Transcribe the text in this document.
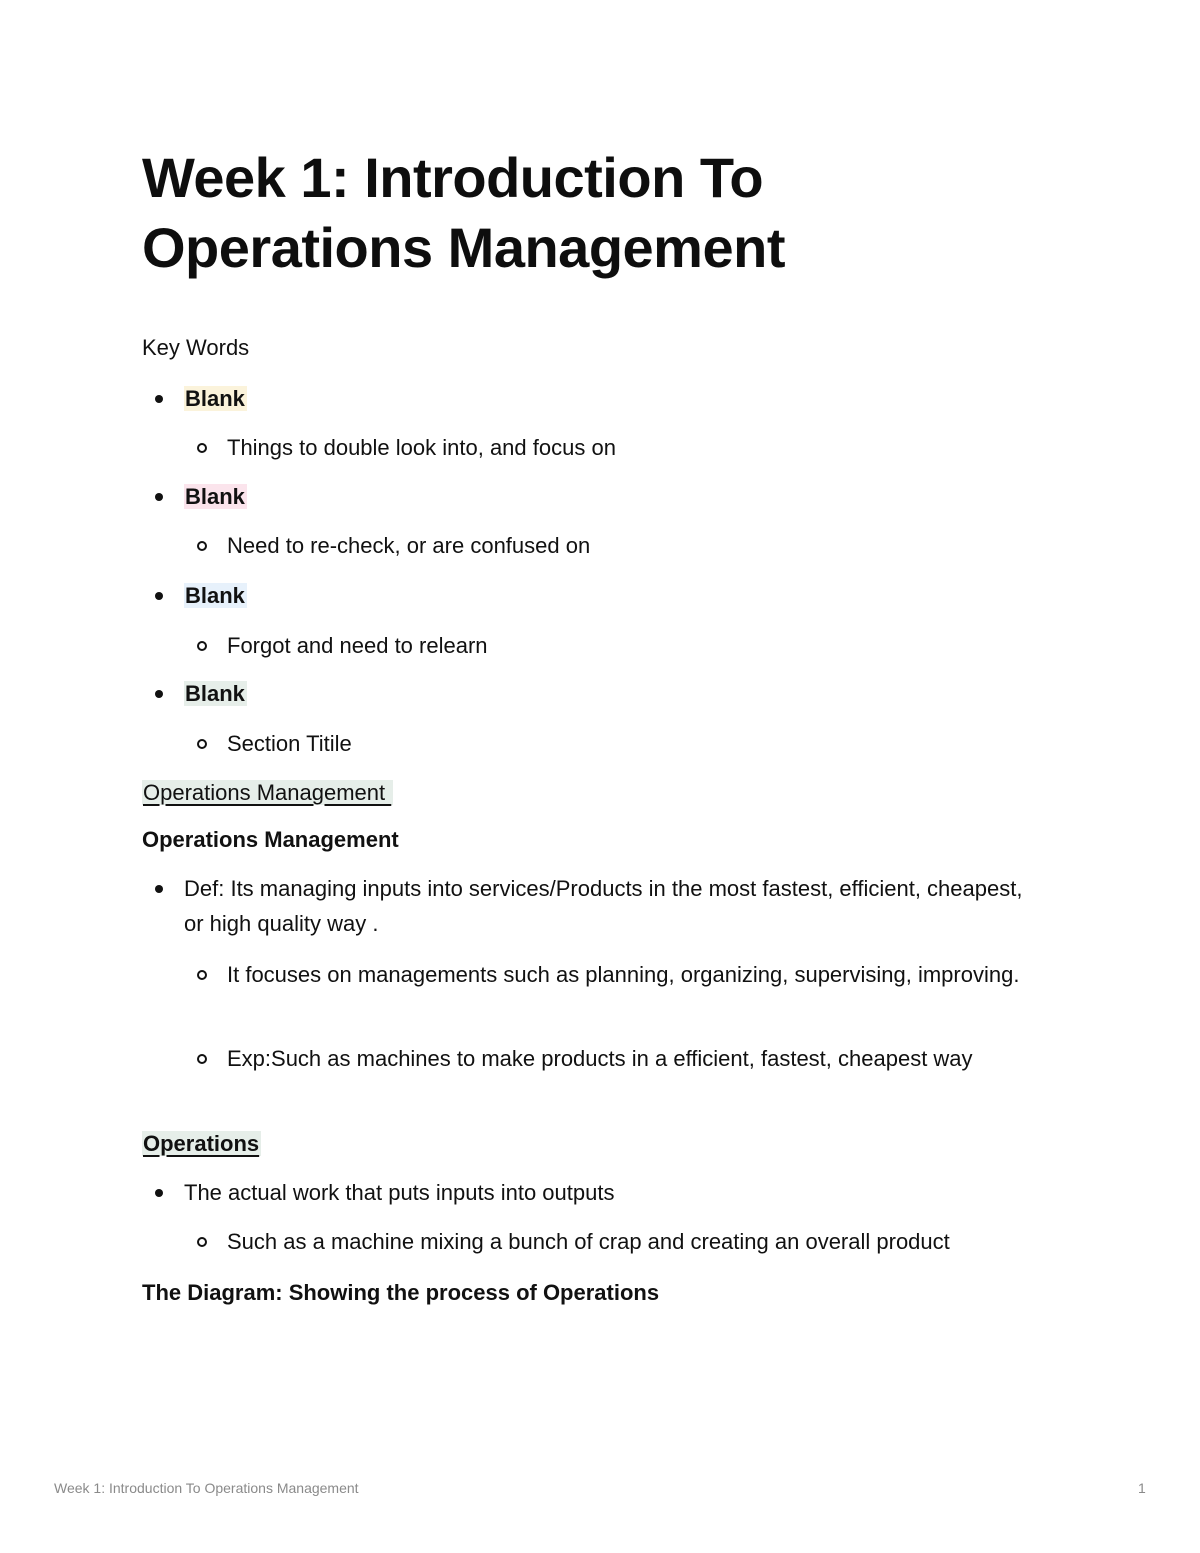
Week 1: Introduction To Operations Management
Key Words
Blank
Things to double look into, and focus on
Blank
Need to re-check, or are confused on
Blank
Forgot and need to relearn
Blank
Section Titile
Operations Management
Operations Management
Def: Its managing inputs into services/Products in the most fastest, efficient, cheapest, or high quality way .
It focuses on managements such as planning, organizing, supervising, improving.
Exp:Such as machines to make products in a efficient, fastest, cheapest way
Operations
The actual work that puts inputs into outputs
Such as a machine mixing a bunch of crap and creating an overall product
The Diagram: Showing the process of Operations
Week 1: Introduction To Operations Management	1
